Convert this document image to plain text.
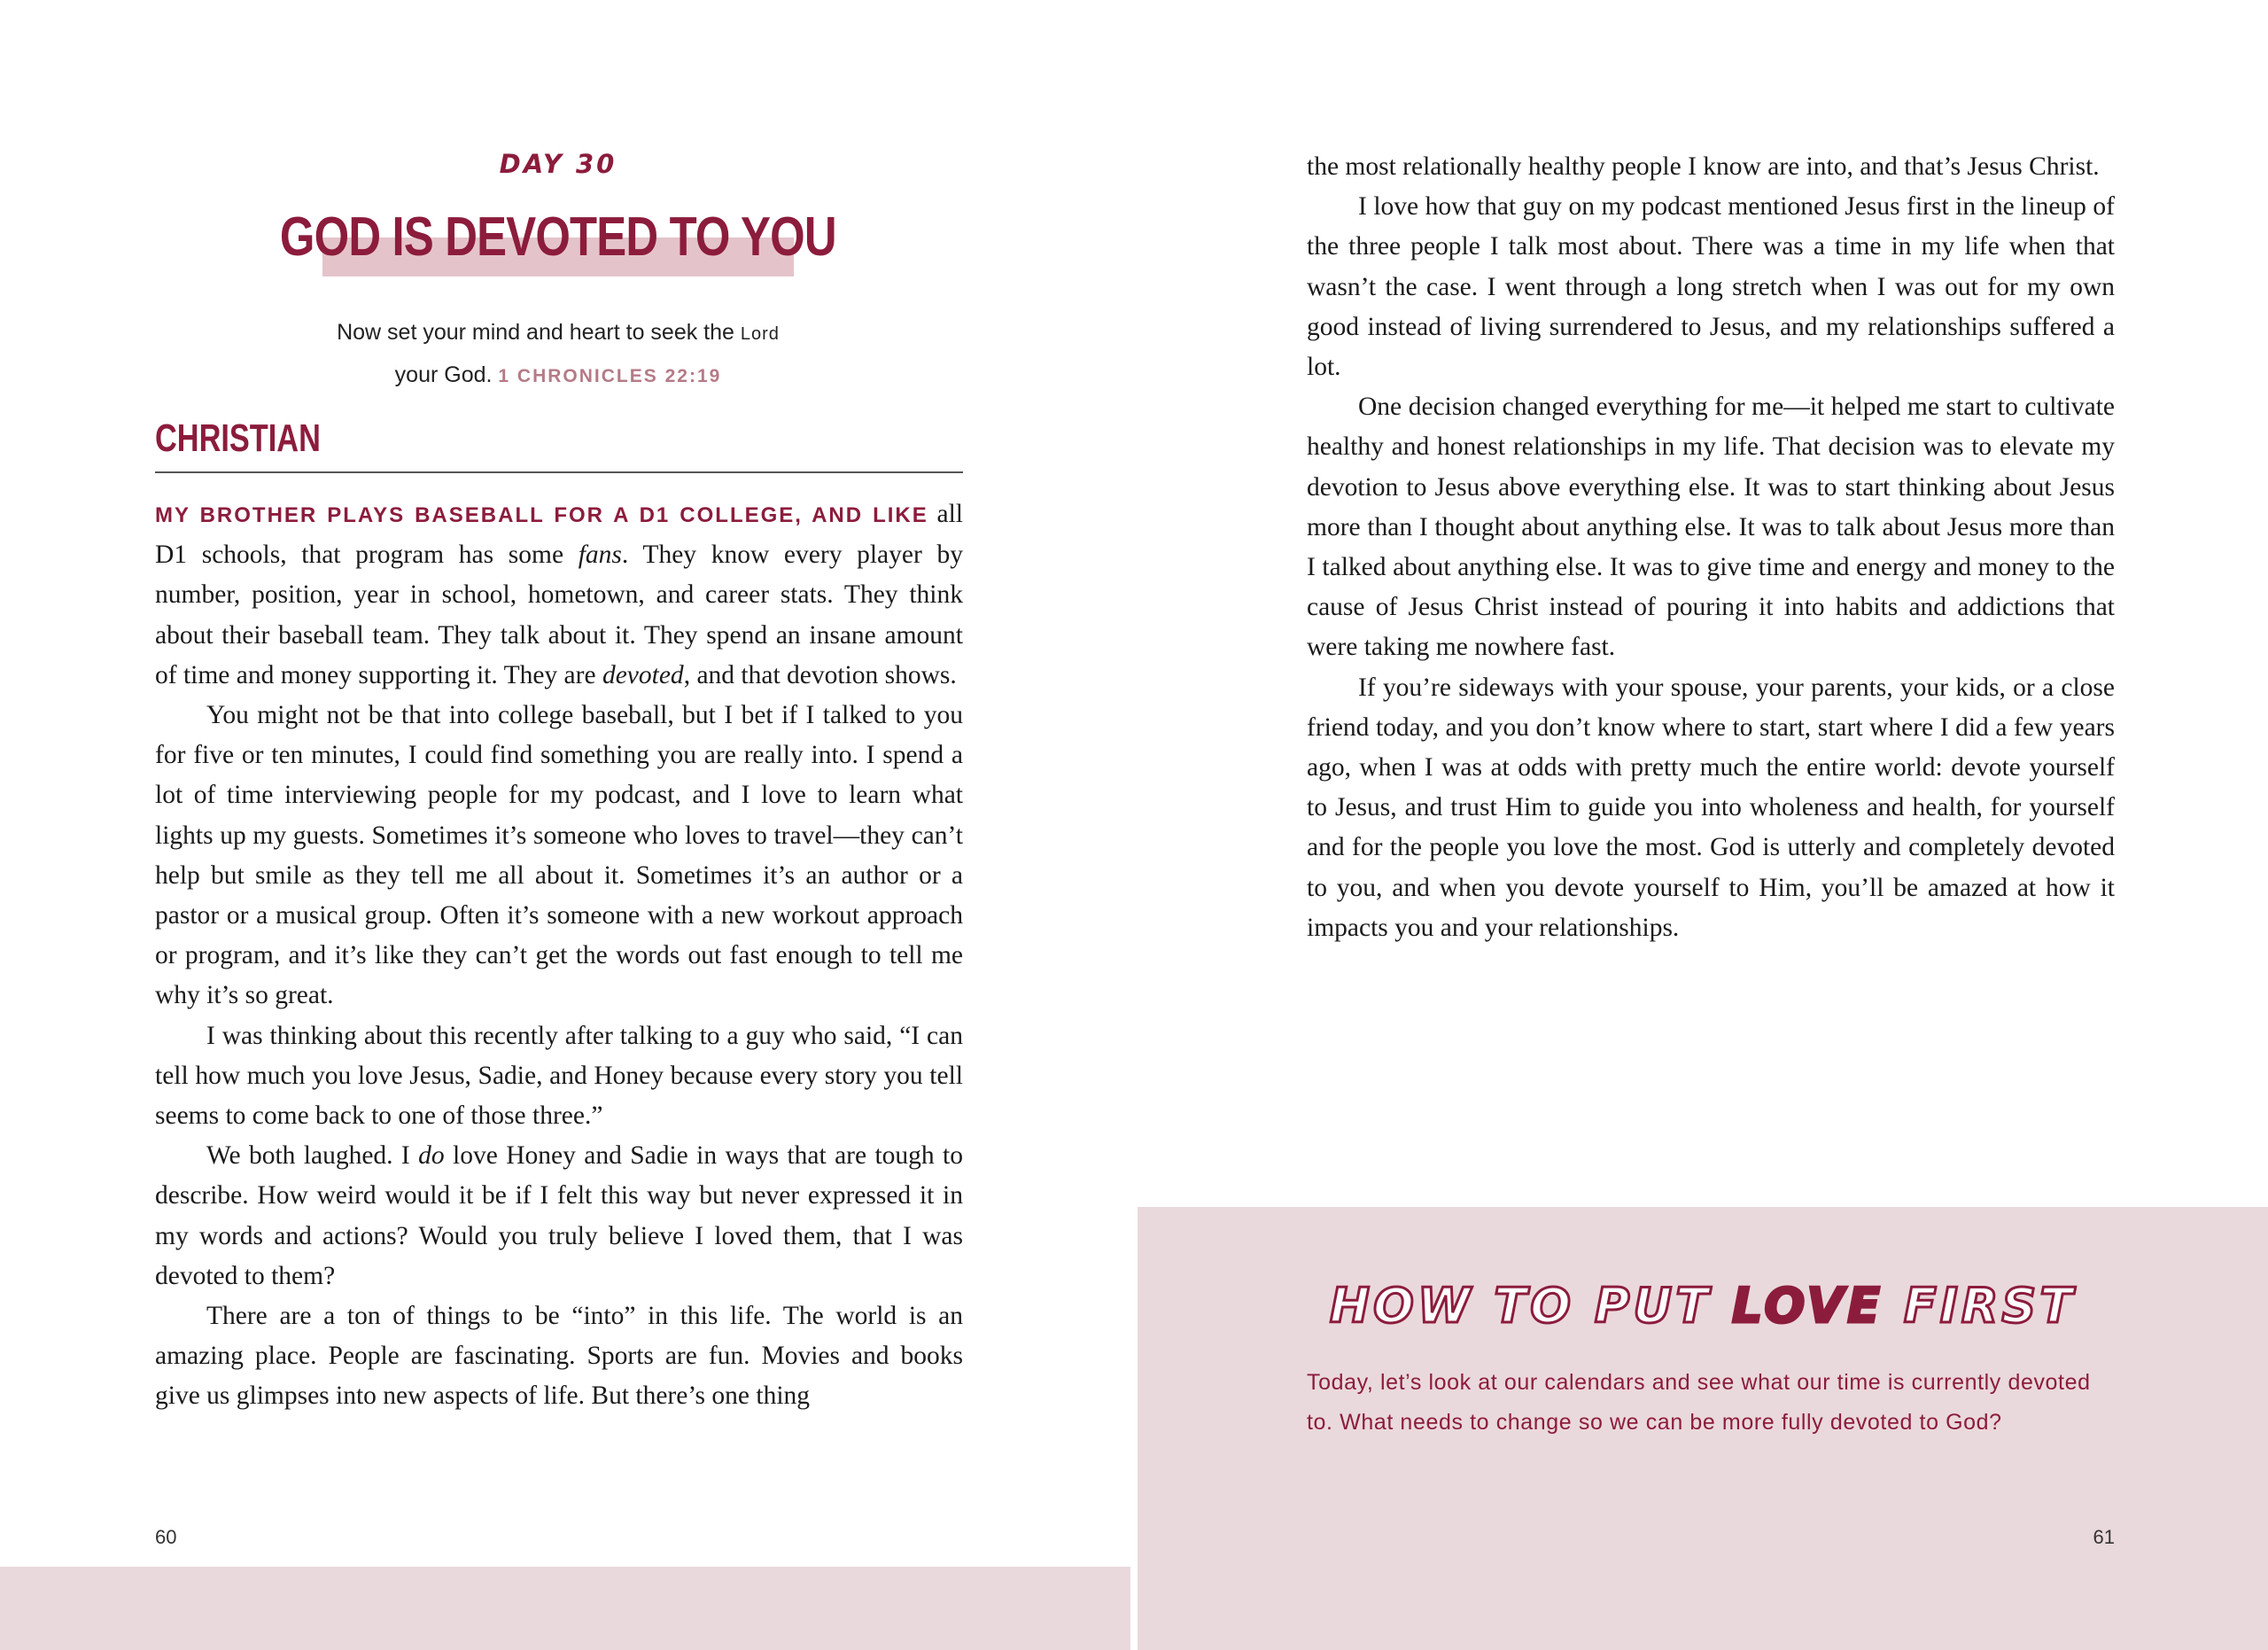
DAY 30
GOD IS DEVOTED TO YOU
Now set your mind and heart to seek the Lord
your God. 1 CHRONICLES 22:19
CHRISTIAN

MY BROTHER PLAYS BASEBALL FOR A D1 COLLEGE, AND LIKE all D1 schools, that program has some fans. They know every player by number, position, year in school, hometown, and career stats. They think about their baseball team. They talk about it. They spend an insane amount of time and money supporting it. They are devoted, and that devotion shows.

You might not be that into college baseball, but I bet if I talked to you for five or ten minutes, I could find something you are really into. I spend a lot of time interviewing people for my podcast, and I love to learn what lights up my guests. Sometimes it’s someone who loves to travel—they can’t help but smile as they tell me all about it. Sometimes it’s an author or a pastor or a musical group. Often it’s someone with a new workout approach or program, and it’s like they can’t get the words out fast enough to tell me why it’s so great.

I was thinking about this recently after talking to a guy who said, “I can tell how much you love Jesus, Sadie, and Honey because every story you tell seems to come back to one of those three.”

We both laughed. I do love Honey and Sadie in ways that are tough to describe. How weird would it be if I felt this way but never expressed it in my words and actions? Would you truly believe I loved them, that I was devoted to them?

There are a ton of things to be “into” in this life. The world is an amazing place. People are fascinating. Sports are fun. Movies and books give us glimpses into new aspects of life. But there’s one thing

60

the most relationally healthy people I know are into, and that’s Jesus Christ.

I love how that guy on my podcast mentioned Jesus first in the lineup of the three people I talk most about. There was a time in my life when that wasn’t the case. I went through a long stretch when I was out for my own good instead of living surrendered to Jesus, and my relationships suffered a lot.

One decision changed everything for me—it helped me start to cultivate healthy and honest relationships in my life. That decision was to elevate my devotion to Jesus above everything else. It was to start thinking about Jesus more than I thought about anything else. It was to talk about Jesus more than I talked about anything else. It was to give time and energy and money to the cause of Jesus Christ instead of pouring it into habits and addictions that were taking me nowhere fast.

If you’re sideways with your spouse, your parents, your kids, or a close friend today, and you don’t know where to start, start where I did a few years ago, when I was at odds with pretty much the entire world: devote yourself to Jesus, and trust Him to guide you into wholeness and health, for yourself and for the people you love the most. God is utterly and completely devoted to you, and when you devote yourself to Him, you’ll be amazed at how it impacts you and your relationships.

HOW TO PUT LOVE FIRST
Today, let’s look at our calendars and see what our time is currently devoted to. What needs to change so we can be more fully devoted to God?
61
